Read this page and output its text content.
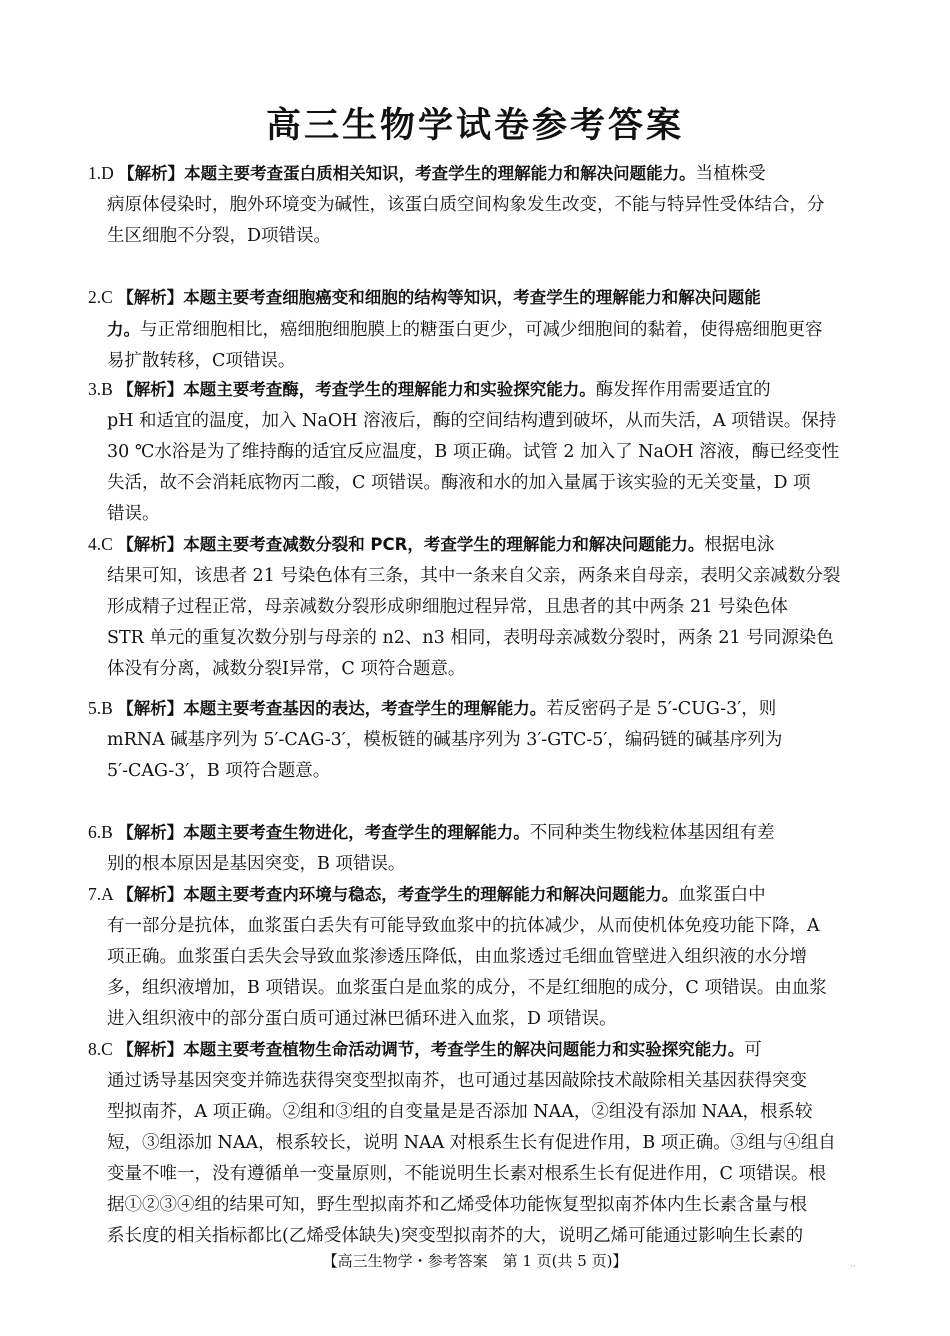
高三生物学试卷参考答案
1.D 【解析】本题主要考查蛋白质相关知识，考查学生的理解能力和解决问题能力。当植株受
病原体侵染时，胞外环境变为碱性，该蛋白质空间构象发生改变，不能与特异性受体结合，分
生区细胞不分裂，D项错误。
2.C 【解析】本题主要考查细胞癌变和细胞的结构等知识，考查学生的理解能力和解决问题能
力。与正常细胞相比，癌细胞细胞膜上的糖蛋白更少，可减少细胞间的黏着，使得癌细胞更容
易扩散转移，C项错误。
3.B 【解析】本题主要考查酶，考查学生的理解能力和实验探究能力。酶发挥作用需要适宜的
pH 和适宜的温度，加入 NaOH 溶液后，酶的空间结构遭到破坏，从而失活，A 项错误。保持
30 ℃水浴是为了维持酶的适宜反应温度，B 项正确。试管 2 加入了 NaOH 溶液，酶已经变性
失活，故不会消耗底物丙二酸，C 项错误。酶液和水的加入量属于该实验的无关变量，D 项
错误。
4.C 【解析】本题主要考查减数分裂和 PCR，考查学生的理解能力和解决问题能力。根据电泳
结果可知，该患者 21 号染色体有三条，其中一条来自父亲，两条来自母亲，表明父亲减数分裂
形成精子过程正常，母亲减数分裂形成卵细胞过程异常，且患者的其中两条 21 号染色体
STR 单元的重复次数分别与母亲的 n2、n3 相同，表明母亲减数分裂时，两条 21 号同源染色
体没有分离，减数分裂Ⅰ异常，C 项符合题意。
5.B 【解析】本题主要考查基因的表达，考查学生的理解能力。若反密码子是 5′-CUG-3′，则
mRNA 碱基序列为 5′-CAG-3′，模板链的碱基序列为 3′-GTC-5′，编码链的碱基序列为
5′-CAG-3′，B 项符合题意。
6.B 【解析】本题主要考查生物进化，考查学生的理解能力。不同种类生物线粒体基因组有差
别的根本原因是基因突变，B 项错误。
7.A 【解析】本题主要考查内环境与稳态，考查学生的理解能力和解决问题能力。血浆蛋白中
有一部分是抗体，血浆蛋白丢失有可能导致血浆中的抗体减少，从而使机体免疫功能下降，A
项正确。血浆蛋白丢失会导致血浆渗透压降低，由血浆透过毛细血管壁进入组织液的水分增
多，组织液增加，B 项错误。血浆蛋白是血浆的成分，不是红细胞的成分，C 项错误。由血浆
进入组织液中的部分蛋白质可通过淋巴循环进入血浆，D 项错误。
8.C 【解析】本题主要考查植物生命活动调节，考查学生的解决问题能力和实验探究能力。可
通过诱导基因突变并筛选获得突变型拟南芥，也可通过基因敲除技术敲除相关基因获得突变
型拟南芥，A 项正确。②组和③组的自变量是是否添加 NAA，②组没有添加 NAA，根系较
短，③组添加 NAA，根系较长，说明 NAA 对根系生长有促进作用，B 项正确。③组与④组自
变量不唯一，没有遵循单一变量原则，不能说明生长素对根系生长有促进作用，C 项错误。根
据①②③④组的结果可知，野生型拟南芥和乙烯受体功能恢复型拟南芥体内生长素含量与根
系长度的相关指标都比(乙烯受体缺失)突变型拟南芥的大，说明乙烯可能通过影响生长素的
【高三生物学・参考答案　第 1 页(共 5 页)】	··
